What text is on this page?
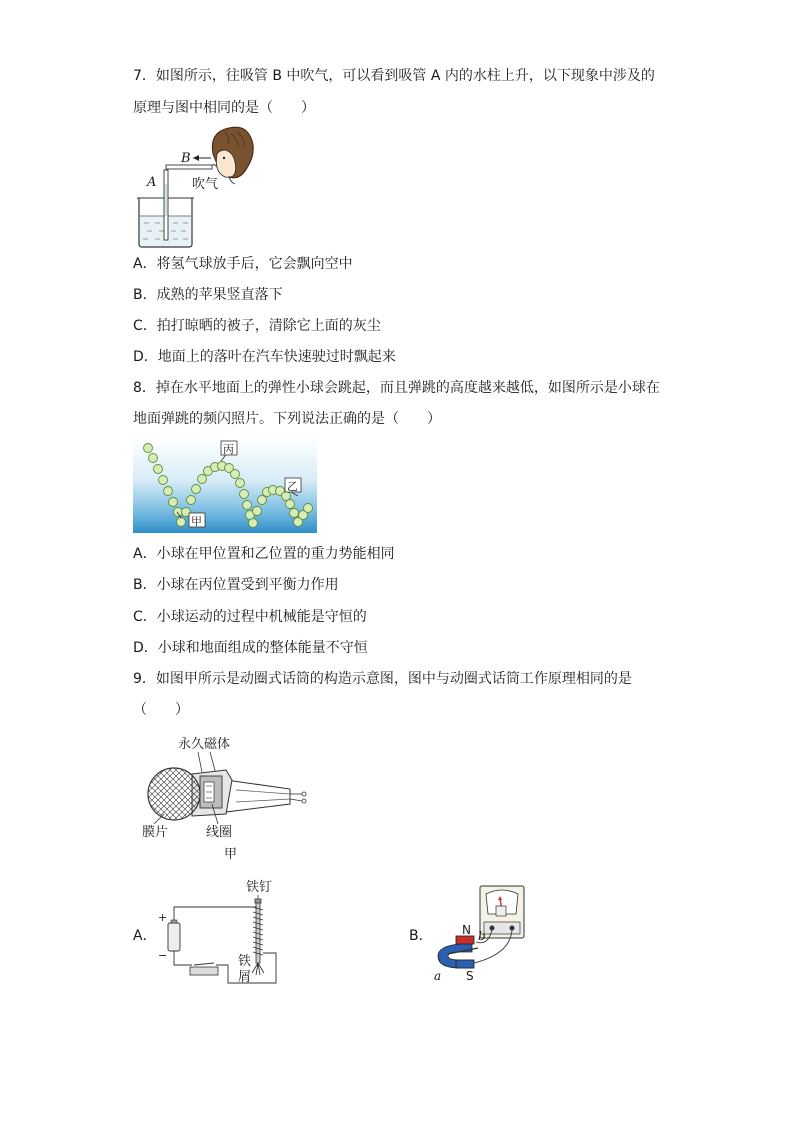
7．如图所示，往吸管 B 中吹气，可以看到吸管 A 内的水柱上升，以下现象中涉及的
原理与图中相同的是（　　）
B
A	吹气
A．将氢气球放手后，它会飘向空中
B．成熟的苹果竖直落下
C．拍打晾晒的被子，清除它上面的灰尘
D．地面上的落叶在汽车快速驶过时飘起来
8．掉在水平地面上的弹性小球会跳起，而且弹跳的高度越来越低，如图所示是小球在
地面弹跳的频闪照片。下列说法正确的是（　　）
丙
乙
甲
A．小球在甲位置和乙位置的重力势能相同
B．小球在丙位置受到平衡力作用
C．小球运动的过程中机械能是守恒的
D．小球和地面组成的整体能量不守恒
9．如图甲所示是动圈式话筒的构造示意图，图中与动圈式话筒工作原理相同的是
（　　）
永久磁体
膜片	线圈
甲
A．
铁钉
+
−	铁
屑
B． N
S
a
b
